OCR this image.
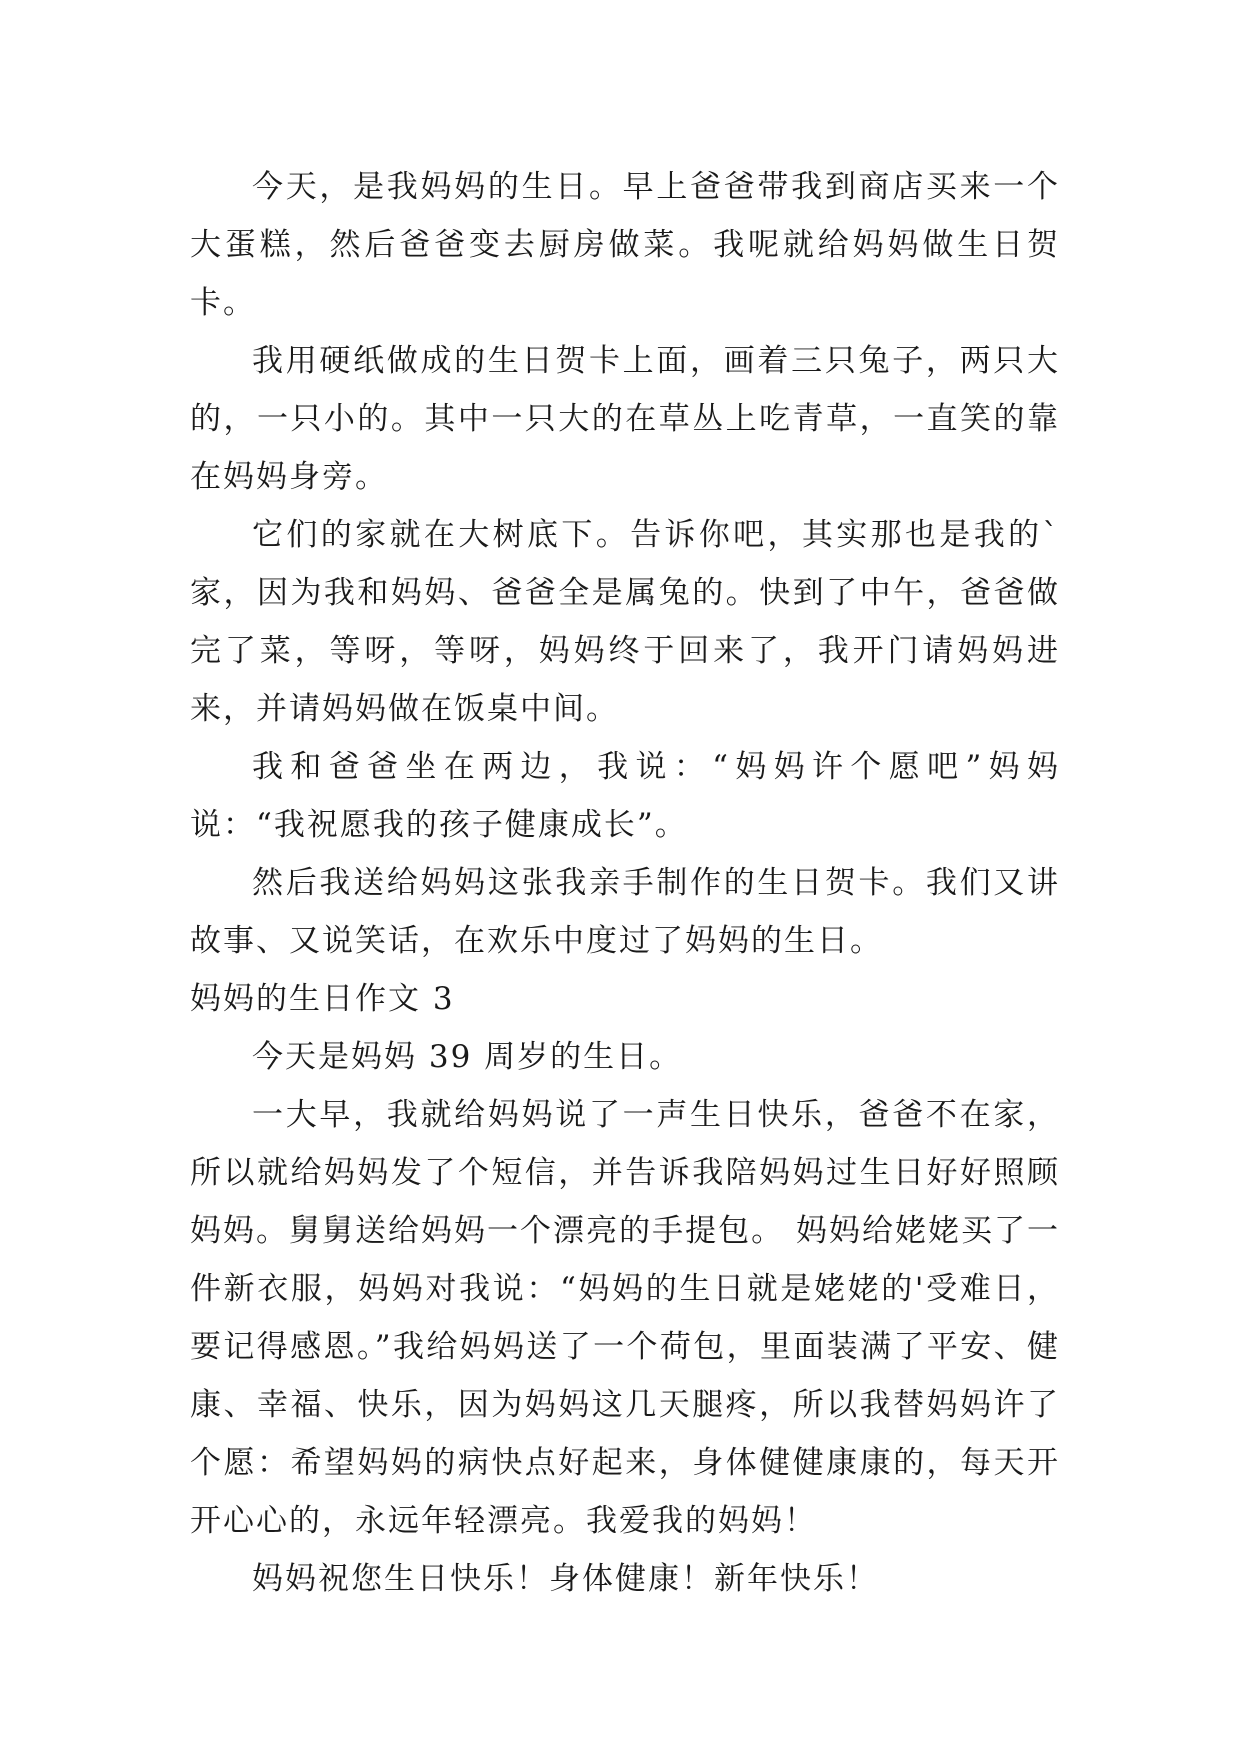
今天，是我妈妈的生日。早上爸爸带我到商店买来一个大蛋糕，然后爸爸变去厨房做菜。我呢就给妈妈做生日贺卡。

我用硬纸做成的生日贺卡上面，画着三只兔子，两只大的，一只小的。其中一只大的在草丛上吃青草，一直笑的靠在妈妈身旁。

它们的家就在大树底下。告诉你吧，其实那也是我的`家，因为我和妈妈、爸爸全是属兔的。快到了中午，爸爸做完了菜，等呀，等呀，妈妈终于回来了，我开门请妈妈进来，并请妈妈做在饭桌中间。

我和爸爸坐在两边，我说：“妈妈许个愿吧”妈妈说：“我祝愿我的孩子健康成长”。

然后我送给妈妈这张我亲手制作的生日贺卡。我们又讲故事、又说笑话，在欢乐中度过了妈妈的生日。

妈妈的生日作文 3

今天是妈妈 39 周岁的生日。

一大早，我就给妈妈说了一声生日快乐，爸爸不在家，所以就给妈妈发了个短信，并告诉我陪妈妈过生日好好照顾妈妈。舅舅送给妈妈一个漂亮的手提包。 妈妈给姥姥买了一件新衣服，妈妈对我说：“妈妈的生日就是姥姥的'受难日，要记得感恩。”我给妈妈送了一个荷包，里面装满了平安、健康、幸福、快乐，因为妈妈这几天腿疼，所以我替妈妈许了个愿：希望妈妈的病快点好起来，身体健健康康的，每天开开心心的，永远年轻漂亮。我爱我的妈妈！

妈妈祝您生日快乐！身体健康！新年快乐！
